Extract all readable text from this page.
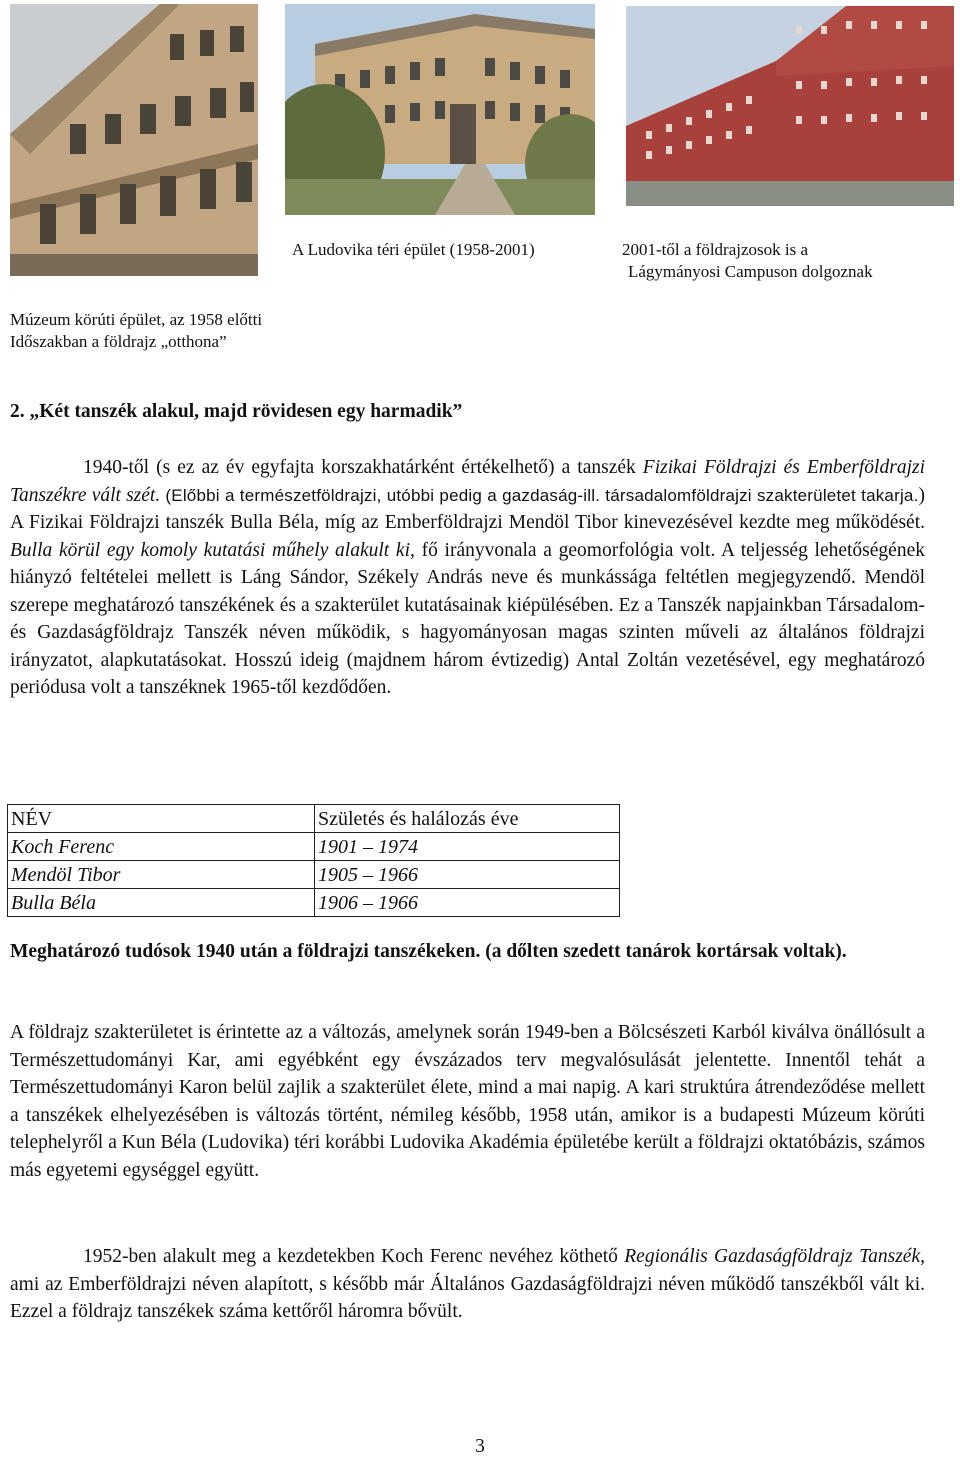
Múzeum körúti épület, az 1958 előtti
Időszakban a földrajz „otthona”
A Ludovika téri épület (1958-2001)	2001-től a földrajzosok is a
Lágymányosi Campuson dolgoznak
2. „Két tanszék alakul, majd rövidesen egy harmadik”

1940-től (s ez az év egyfajta korszakhatárként értékelhető) a tanszék Fizikai Földrajzi és Emberföldrajzi Tanszékre vált szét. (Előbbi a természetföldrajzi, utóbbi pedig a gazdaság-ill. társadalomföldrajzi szakterületet takarja.) A Fizikai Földrajzi tanszék Bulla Béla, míg az Emberföldrajzi Mendöl Tibor kinevezésével kezdte meg működését. Bulla körül egy komoly kutatási műhely alakult ki, fő irányvonala a geomorfológia volt. A teljesség lehetőségének hiányzó feltételei mellett is Láng Sándor, Székely András neve és munkássága feltétlen megjegyzendő. Mendöl szerepe meghatározó tanszékének és a szakterület kutatásainak kiépülésében. Ez a Tanszék napjainkban Társadalom- és Gazdaságföldrajz Tanszék néven működik, s hagyományosan magas szinten műveli az általános földrajzi irányzatot, alapkutatásokat. Hosszú ideig (majdnem három évtizedig) Antal Zoltán vezetésével, egy meghatározó periódusa volt a tanszéknek 1965-től kezdődően.

NÉV	Születés és halálozás éve
Koch Ferenc	1901 – 1974
Mendöl Tibor	1905 – 1966
Bulla Béla	1906 – 1966

Meghatározó tudósok 1940 után a földrajzi tanszékeken. (a dőlten szedett tanárok kortársak voltak).

A földrajz szakterületet is érintette az a változás, amelynek során 1949-ben a Bölcsészeti Karból kiválva önállósult a Természettudományi Kar, ami egyébként egy évszázados terv megvalósulását jelentette. Innentől tehát a Természettudományi Karon belül zajlik a szakterület élete, mind a mai napig. A kari struktúra átrendeződése mellett a tanszékek elhelyezésében is változás történt, némileg később, 1958 után, amikor is a budapesti Múzeum körúti telephelyről a Kun Béla (Ludovika) téri korábbi Ludovika Akadémia épületébe került a földrajzi oktatóbázis, számos más egyetemi egységgel együtt.

1952-ben alakult meg a kezdetekben Koch Ferenc nevéhez köthető Regionális Gazdaságföldrajz Tanszék, ami az Emberföldrajzi néven alapított, s később már Általános Gazdaságföldrajzi néven működő tanszékből vált ki. Ezzel a földrajz tanszékek száma kettőről háromra bővült.

3
